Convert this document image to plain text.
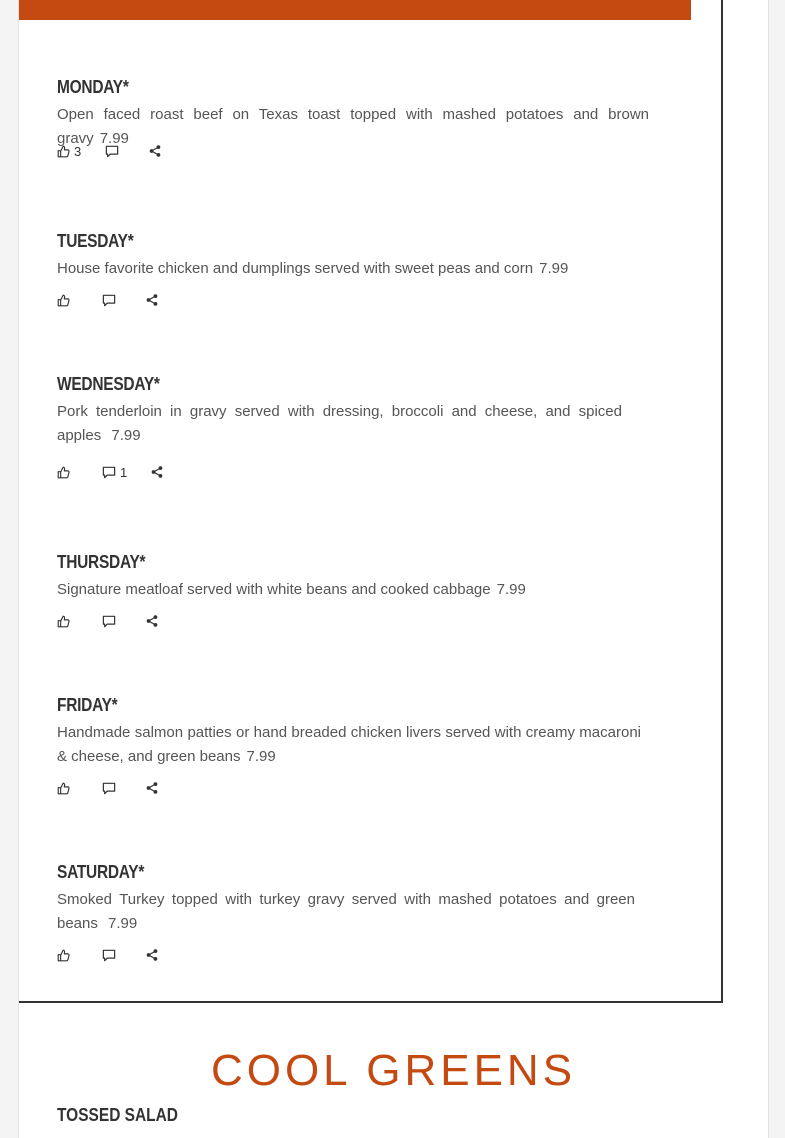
MONDAY*
Open faced roast beef on Texas toast topped with mashed potatoes and brown gravy 7.99
3
TUESDAY*
House favorite chicken and dumplings served with sweet peas and corn 7.99
WEDNESDAY*
Pork tenderloin in gravy served with dressing, broccoli and cheese, and spiced apples 7.99
1
THURSDAY*
Signature meatloaf served with white beans and cooked cabbage 7.99
FRIDAY*
Handmade salmon patties or hand breaded chicken livers served with creamy macaroni & cheese, and green beans 7.99
SATURDAY*
Smoked Turkey topped with turkey gravy served with mashed potatoes and green beans 7.99
COOL GREENS
TOSSED SALAD
